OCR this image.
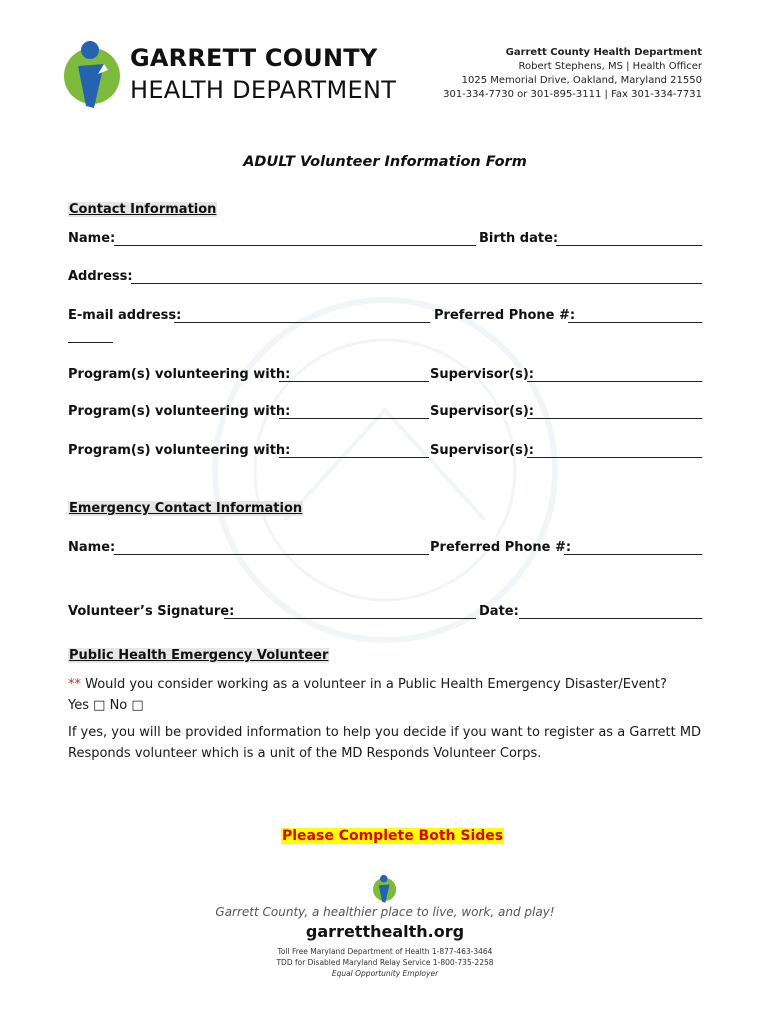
GARRETT COUNTY
HEALTH DEPARTMENT
Garrett County Health Department
Robert Stephens, MS | Health Officer
1025 Memorial Drive, Oakland, Maryland 21550
301-334-7730 or 301-895-3111 | Fax 301-334-7731
ADULT Volunteer Information Form
Contact Information
Name:	Birth date:
Address:
E-mail address:	Preferred Phone #:
Program(s) volunteering with:	Supervisor(s):
Program(s) volunteering with:	Supervisor(s):
Program(s) volunteering with:	Supervisor(s):
Emergency Contact Information
Name:	Preferred Phone #:
Volunteer’s Signature:	Date:
Public Health Emergency Volunteer
** Would you consider working as a volunteer in a Public Health Emergency Disaster/Event?
Yes □ No □
If yes, you will be provided information to help you decide if you want to register as a Garrett MD Responds volunteer which is a unit of the MD Responds Volunteer Corps.
Please Complete Both Sides
Garrett County, a healthier place to live, work, and play!
garretthealth.org
Toll Free Maryland Department of Health 1-877-463-3464
TDD for Disabled Maryland Relay Service 1-800-735-2258
Equal Opportunity Employer
